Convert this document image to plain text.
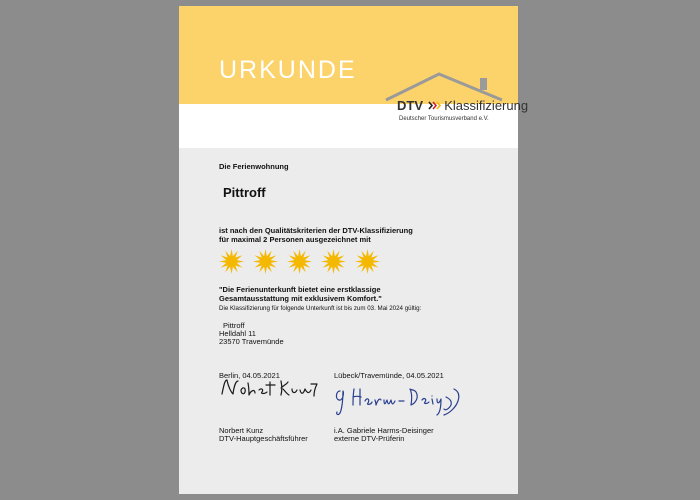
URKUNDE
DTV Klassifizierung
Deutscher Tourismusverband e.V.
Die Ferienwohnung
Pittroff
ist nach den Qualitätskriterien der DTV-Klassifizierung
für maximal 2 Personen ausgezeichnet mit
"Die Ferienunterkunft bietet eine erstklassige
Gesamtausstattung mit exklusivem Komfort."
Die Klassifizierung für folgende Unterkunft ist bis zum 03. Mai 2024 gültig:
Pittroff
Helldahl 11
23570 Travemünde
Berlin, 04.05.2021	Lübeck/Travemünde, 04.05.2021
Norbert Kunz
DTV-Hauptgeschäftsführer
i.A. Gabriele Harms-Deisinger
externe DTV-Prüferin
